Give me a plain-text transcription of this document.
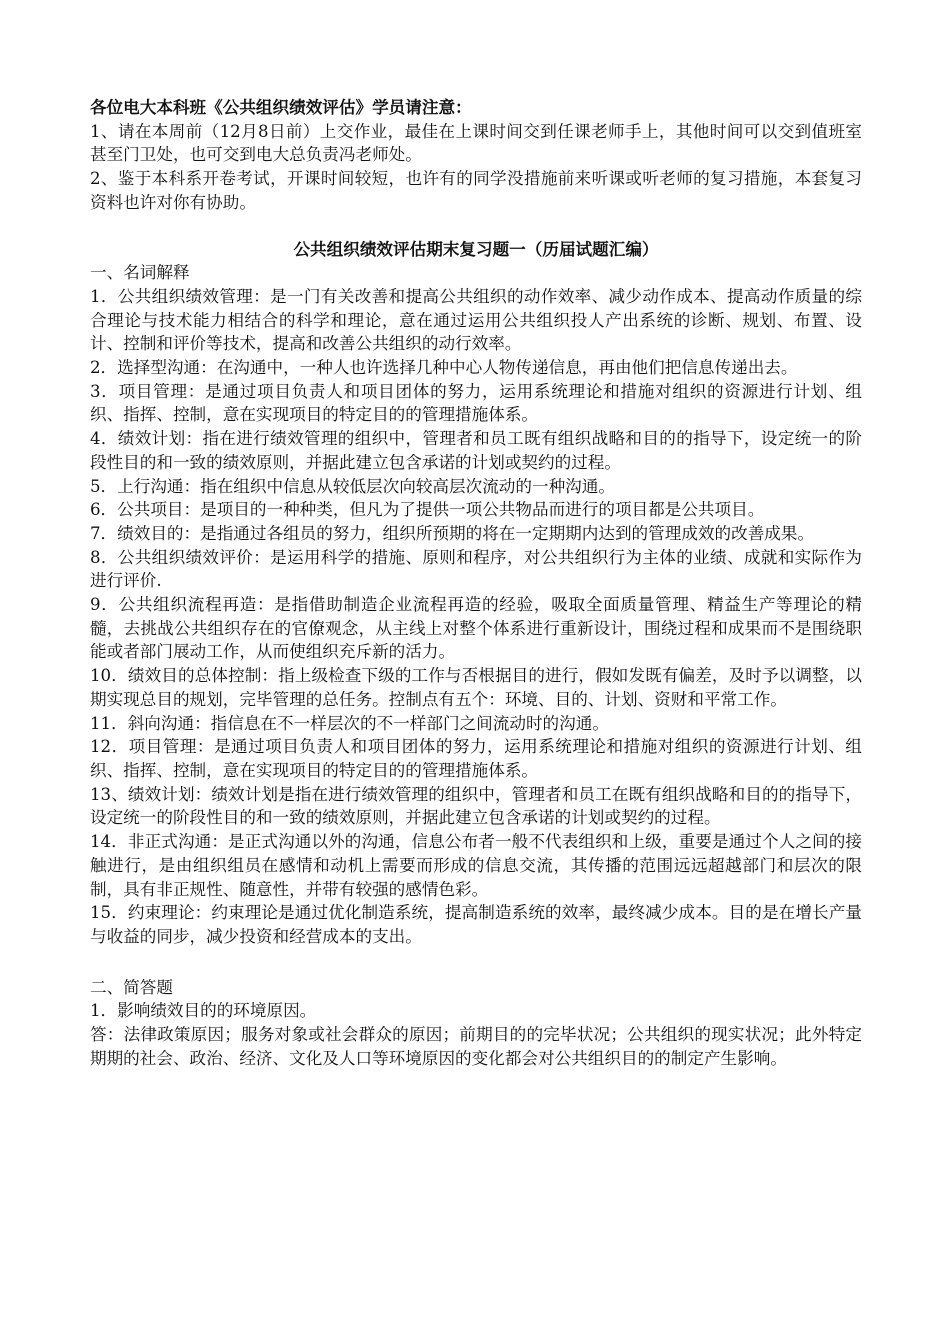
各位电大本科班《公共组织绩效评估》学员请注意：
1、请在本周前（12月8日前）上交作业，最佳在上课时间交到任课老师手上，其他时间可以交到值班室甚至门卫处，也可交到电大总负责冯老师处。
2、鉴于本科系开卷考试，开课时间较短，也许有的同学没措施前来听课或听老师的复习措施，本套复习资料也许对你有协助。
公共组织绩效评估期末复习题一（历届试题汇编）
一、名词解释
1．公共组织绩效管理：是一门有关改善和提高公共组织的动作效率、减少动作成本、提高动作质量的综合理论与技术能力相结合的科学和理论，意在通过运用公共组织投人产出系统的诊断、规划、布置、设计、控制和评价等技术，提高和改善公共组织的动行效率。
2．选择型沟通：在沟通中，一种人也许选择几种中心人物传递信息，再由他们把信息传递出去。
3．项目管理：是通过项目负责人和项目团体的努力，运用系统理论和措施对组织的资源进行计划、组织、指挥、控制，意在实现项目的特定目的的管理措施体系。
4．绩效计划：指在进行绩效管理的组织中，管理者和员工既有组织战略和目的的指导下，设定统一的阶段性目的和一致的绩效原则，并据此建立包含承诺的计划或契约的过程。
5．上行沟通：指在组织中信息从较低层次向较高层次流动的一种沟通。
6．公共项目：是项目的一种种类，但凡为了提供一项公共物品而进行的项目都是公共项目。
7．绩效目的：是指通过各组员的努力，组织所预期的将在一定期期内达到的管理成效的改善成果。
8．公共组织绩效评价：是运用科学的措施、原则和程序，对公共组织行为主体的业绩、成就和实际作为进行评价.
9．公共组织流程再造：是指借助制造企业流程再造的经验，吸取全面质量管理、精益生产等理论的精髓，去挑战公共组织存在的官僚观念，从主线上对整个体系进行重新设计，围绕过程和成果而不是围绕职能或者部门展动工作，从而使组织充斥新的活力。
10．绩效目的总体控制：指上级检查下级的工作与否根据目的进行，假如发既有偏差，及时予以调整，以期实现总目的规划，完毕管理的总任务。控制点有五个：环境、目的、计划、资财和平常工作。
11．斜向沟通：指信息在不一样层次的不一样部门之间流动时的沟通。
12．项目管理：是通过项目负责人和项目团体的努力，运用系统理论和措施对组织的资源进行计划、组织、指挥、控制，意在实现项目的特定目的的管理措施体系。
13、绩效计划：绩效计划是指在进行绩效管理的组织中，管理者和员工在既有组织战略和目的的指导下，设定统一的阶段性目的和一致的绩效原则，并据此建立包含承诺的计划或契约的过程。
14．非正式沟通：是正式沟通以外的沟通，信息公布者一般不代表组织和上级，重要是通过个人之间的接触进行，是由组织组员在感情和动机上需要而形成的信息交流，其传播的范围远远超越部门和层次的限制，具有非正规性、随意性，并带有较强的感情色彩。
15．约束理论：约束理论是通过优化制造系统，提高制造系统的效率，最终减少成本。目的是在增长产量与收益的同步，减少投资和经营成本的支出。
二、简答题
1．影响绩效目的的环境原因。
答：法律政策原因；服务对象或社会群众的原因；前期目的的完毕状况；公共组织的现实状况；此外特定期期的社会、政治、经济、文化及人口等环境原因的变化都会对公共组织目的的制定产生影响。
